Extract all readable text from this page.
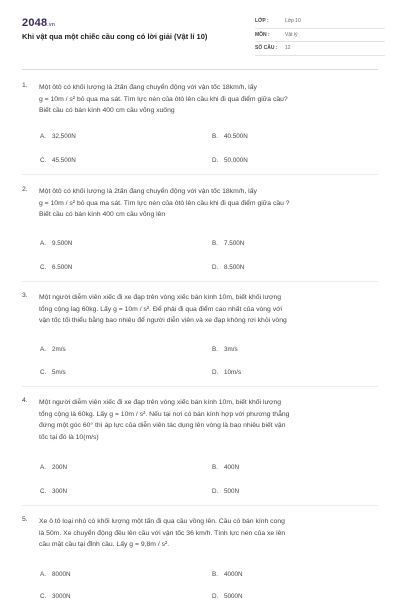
2048.vn
Khi vật qua một chiếc cầu cong có lời giải (Vật lí 10)
LỚP :	Lớp 10
MÔN :	Vật lý
SỐ CÂU :	12
1. Một ôtô có khối lượng là 2tấn đang chuyển động với vận tốc 18km/h, lấy
g = 10m / s² bỏ qua ma sát. Tìm lực nén của ôtô lên cầu khi đi qua điểm giữa cầu?
Biết cầu có bán kính 400 cm cầu võng xuống
A. 32.500N	B. 40.500N
C. 45.500N	D. 50.000N
2. Một ôtô có khối lượng là 2tấn đang chuyển động với vận tốc 18km/h, lấy
g = 10m / s² bỏ qua ma sát. Tìm lực nén của ôtô lên cầu khi đi qua điểm giữa cầu ?
Biết cầu có bán kính 400 cm cầu võng lên
A. 9.500N	B. 7.500N
C. 6.500N	D. 8.500N
3. Một người diễm viên xiếc đi xe đạp trên vòng xiếc bán kính 10m, biết khối lượng
tổng cộng lag 60kg. Lấy g = 10m / s². Để phải đi qua điểm cao nhất của vòng với
vận tốc tối thiểu bằng bao nhiêu để người diễn viên và xe đạp không rơi khỏi vòng
A. 2m/s	B. 3m/s
C. 5m/s	D. 10m/s
4. Một người diễm viên xiếc đi xe đạp trên vòng xiếc bán kính 10m, biết khối lượng
tổng cộng là 60kg. Lấy g = 10m / s². Nếu tại nơi có bán kính hợp với phương thẳng
đứng một góc 60° thì áp lực của diễn viên tác dụng lên vòng là bao nhiêu biết vận
tốc tại đó là 10(m/s)
A. 200N	B. 400N
C. 300N	D. 500N
5. Xe ô tô loại nhỏ có khối lượng một tấn đi qua cầu vồng lên. Cầu có bán kính cong
là 50m. Xe chuyển động đều lên cầu với vận tốc 36 km/h. Tính lực nén của xe lên
cầu mặt cầu tại đỉnh cầu. Lấy g = 9,8m / s².
A. 8000N	B. 4000N
C. 3000N	D. 5000N
